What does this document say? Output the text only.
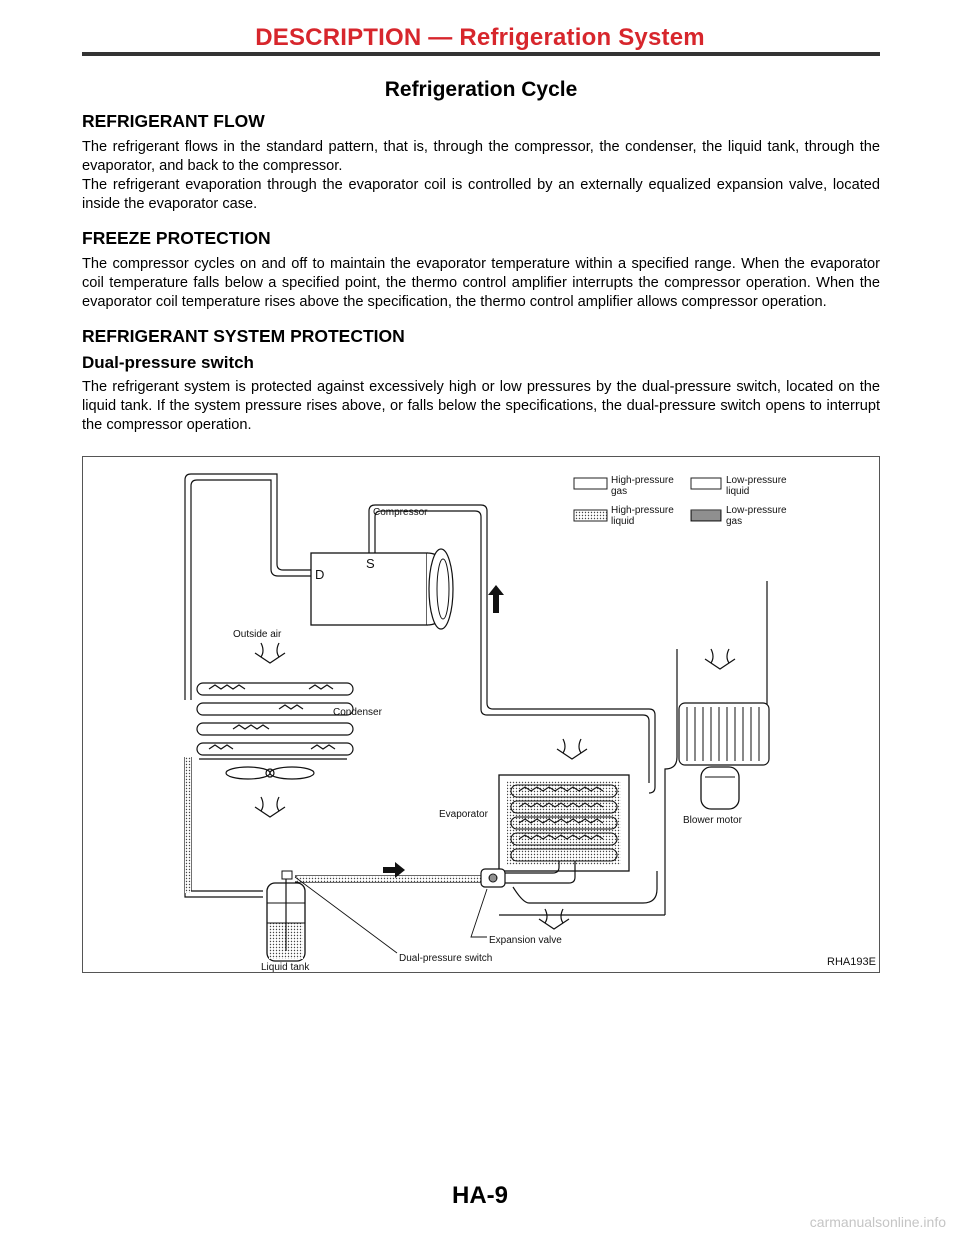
DESCRIPTION — Refrigeration System
Refrigeration Cycle
REFRIGERANT FLOW

The refrigerant flows in the standard pattern, that is, through the compressor, the condenser, the liquid tank, through the evaporator, and back to the compressor.

The refrigerant evaporation through the evaporator coil is controlled by an externally equalized expansion valve, located inside the evaporator case.

FREEZE PROTECTION

The compressor cycles on and off to maintain the evaporator temperature within a specified range. When the evaporator coil temperature falls below a specified point, the thermo control amplifier interrupts the compressor operation. When the evaporator coil temperature rises above the specification, the thermo control amplifier allows compressor operation.

REFRIGERANT SYSTEM PROTECTION
Dual-pressure switch

The refrigerant system is protected against excessively high or low pressures by the dual-pressure switch, located on the liquid tank. If the system pressure rises above, or falls below the specifications, the dual-pressure switch opens to interrupt the compressor operation.

High-pressure
gas
Low-pressure
liquid
High-pressure
liquid
Low-pressure
gas
D
S
Compressor
Outside air
Condenser
Liquid tank
Evaporator
Expansion valve
Dual-pressure switch
Blower motor
RHA193E
HA-9
carmanualsonline.info
